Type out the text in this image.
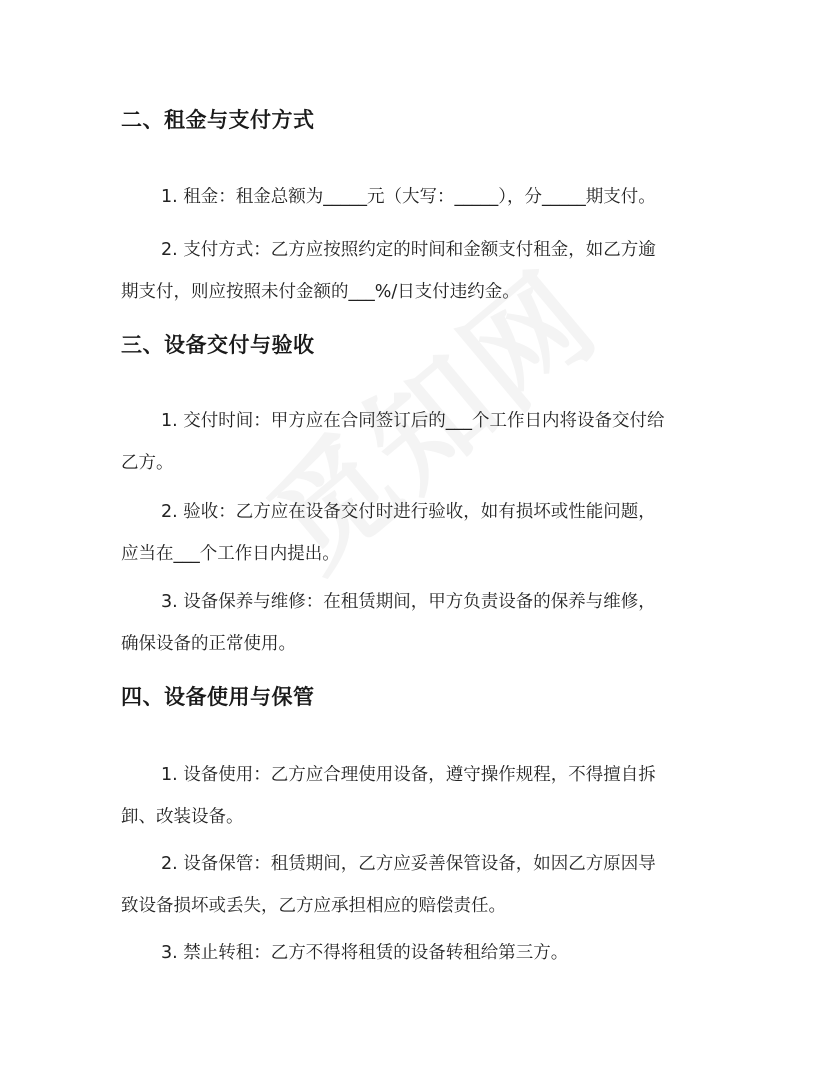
二、租金与支付方式

1. 租金：租金总额为_____元（大写：_____），分_____期支付。

2. 支付方式：乙方应按照约定的时间和金额支付租金，如乙方逾
期支付，则应按照未付金额的___%/日支付违约金。

三、设备交付与验收

1. 交付时间：甲方应在合同签订后的___个工作日内将设备交付给
乙方。

2. 验收：乙方应在设备交付时进行验收，如有损坏或性能问题，
应当在___个工作日内提出。

3. 设备保养与维修：在租赁期间，甲方负责设备的保养与维修，
确保设备的正常使用。

四、设备使用与保管

1. 设备使用：乙方应合理使用设备，遵守操作规程，不得擅自拆
卸、改装设备。

2. 设备保管：租赁期间，乙方应妥善保管设备，如因乙方原因导
致设备损坏或丢失，乙方应承担相应的赔偿责任。

3. 禁止转租：乙方不得将租赁的设备转租给第三方。
